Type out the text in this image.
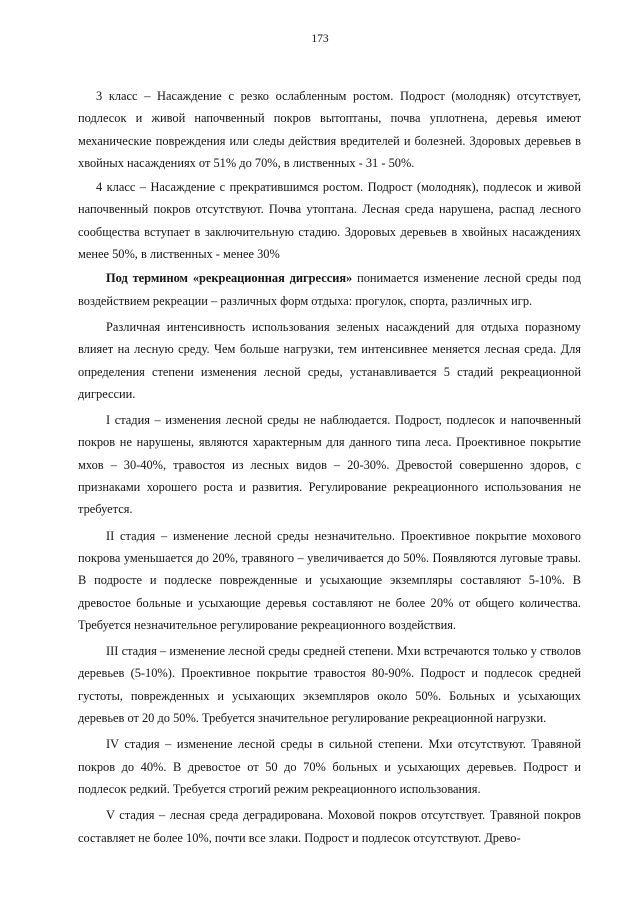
173

3 класс – Насаждение с резко ослабленным ростом. Подрост (молодняк) отсутствует, подлесок и живой напочвенный покров вытоптаны, почва уплотнена, деревья имеют механические повреждения или следы действия вредителей и болезней. Здоровых деревьев в хвойных насаждениях от 51% до 70%, в лиственных - 31 - 50%.

4 класс – Насаждение с прекратившимся ростом. Подрост (молодняк), подлесок и живой напочвенный покров отсутствуют. Почва утоптана. Лесная среда нарушена, распад лесного сообщества вступает в заключительную стадию. Здоровых деревьев в хвойных насаждениях менее 50%, в лиственных - менее 30%

Под термином «рекреационная дигрессия» понимается изменение лесной среды под воздействием рекреации – различных форм отдыха: прогулок, спорта, различных игр.

Различная интенсивность использования зеленых насаждений для отдыха поразному влияет на лесную среду. Чем больше нагрузки, тем интенсивнее меняется лесная среда. Для определения степени изменения лесной среды, устанавливается 5 стадий рекреационной дигрессии.

I стадия – изменения лесной среды не наблюдается. Подрост, подлесок и напочвенный покров не нарушены, являются характерным для данного типа леса. Проективное покрытие мхов – 30-40%, травостоя из лесных видов – 20-30%. Древостой совершенно здоров, с признаками хорошего роста и развития. Регулирование рекреационного использования не требуется.

II стадия – изменение лесной среды незначительно. Проективное покрытие мохового покрова уменьшается до 20%, травяного – увеличивается до 50%. Появляются луговые травы. В подросте и подлеске поврежденные и усыхающие экземпляры составляют 5-10%. В древостое больные и усыхающие деревья составляют не более 20% от общего количества. Требуется незначительное регулирование рекреационного воздействия.

III стадия – изменение лесной среды средней степени. Мхи встречаются только у стволов деревьев (5-10%). Проективное покрытие травостоя 80-90%. Подрост и подлесок средней густоты, поврежденных и усыхающих экземпляров около 50%. Больных и усыхающих деревьев от 20 до 50%. Требуется значительное регулирование рекреационной нагрузки.

IV стадия – изменение лесной среды в сильной степени. Мхи отсутствуют. Травяной покров до 40%. В древостое от 50 до 70% больных и усыхающих деревьев. Подрост и подлесок редкий. Требуется строгий режим рекреационного использования.

V стадия – лесная среда деградирована. Моховой покров отсутствует. Травяной покров составляет не более 10%, почти все злаки. Подрост и подлесок отсутствуют. Древо-
